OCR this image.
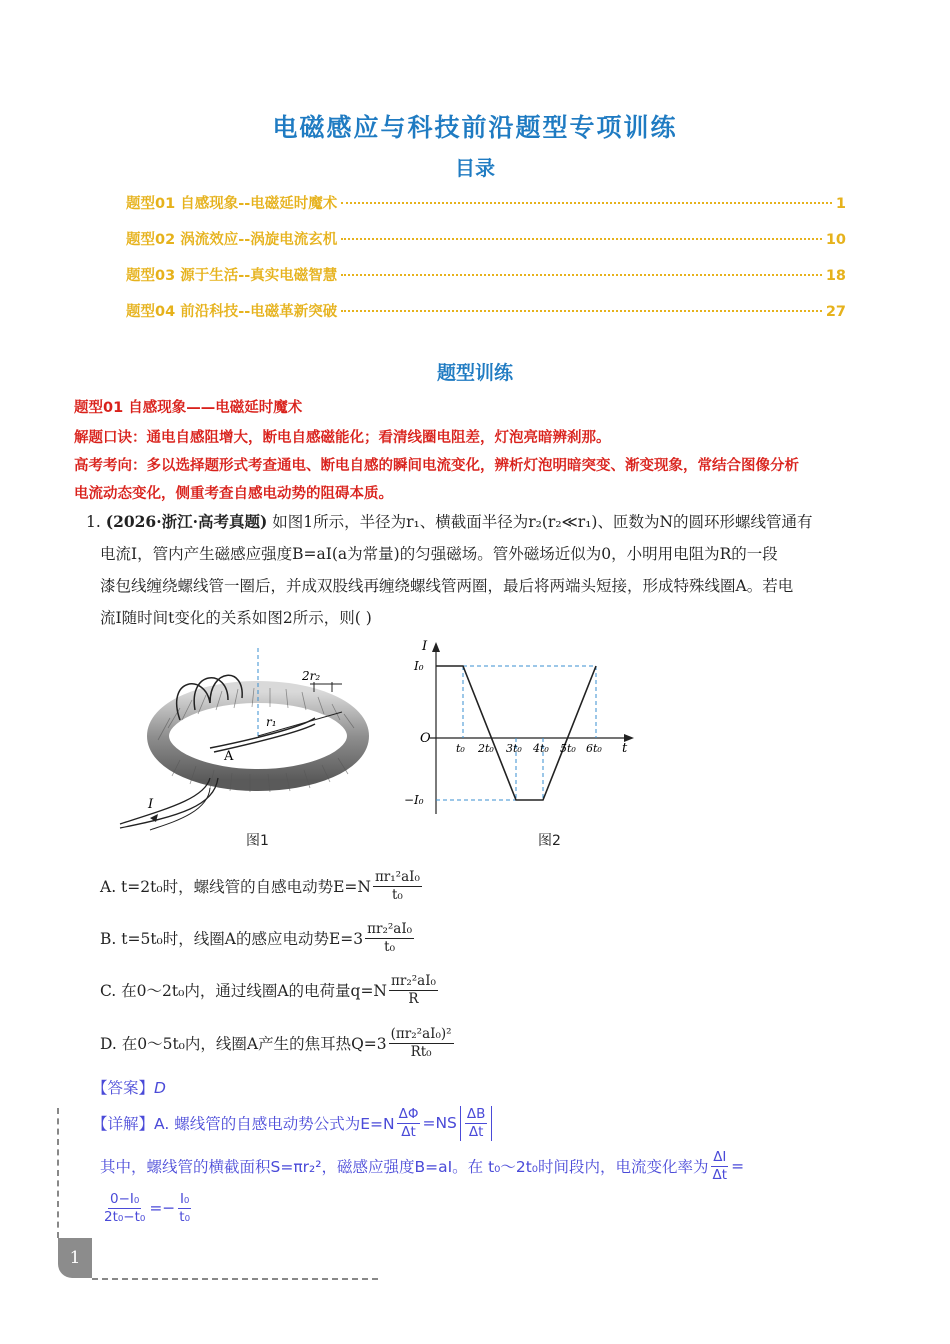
电磁感应与科技前沿题型专项训练
目录
题型01 自感现象--电磁延时魔术	1
题型02 涡流效应--涡旋电流玄机	10
题型03 源于生活--真实电磁智慧	18
题型04 前沿科技--电磁革新突破	27
题型训练
题型01 自感现象——电磁延时魔术
解题口诀：通电自感阻增大，断电自感磁能化；看清线圈电阻差，灯泡亮暗辨刹那。
高考考向：多以选择题形式考查通电、断电自感的瞬间电流变化，辨析灯泡明暗突变、渐变现象，常结合图像分析
电流动态变化，侧重考查自感电动势的阻碍本质。
1. (2026·浙江·高考真题) 如图1所示，半径为r₁、横截面半径为r₂(r₂≪r₁)、匝数为N的圆环形螺线管通有
电流I，管内产生磁感应强度B=aI(a为常量)的匀强磁场。管外磁场近似为0，小明用电阻为R的一段
漆包线缠绕螺线管一圈后，并成双股线再缠绕螺线管两圈，最后将两端头短接，形成特殊线圈A。若电
流I随时间t变化的关系如图2所示，则( )
r₁
2r₂
A
I
图1
I
t
O
I₀
−I₀
t₀ 2t₀ 3t₀ 4t₀ 5t₀ 6t₀
图2
A. t=2t₀时，螺线管的自感电动势$E=N \frac{\text{πr₁²aI₀}}{\text{t₀}}$
B. t=5t₀时，线圈A的感应电动势$E=3 \frac{\text{πr₂²aI₀}}{\text{t₀}}$
C. 在0～2t₀内，通过线圈A的电荷量$q=N \frac{\text{πr₂²aI₀}}{R}$
D. 在0～5t₀内，线圈A产生的焦耳热$Q=3 \frac{\text{(πr₂²aI₀)²}}{\text{Rt₀}}$
【答案】D
【详解】 A. 螺线管的自感电动势公式为$E=N \frac{\Delta\Phi}{\Delta t} =NS \frac{\Delta B}{\Delta t}$
其中，螺线管的横截面积S=πr₂²，磁感应强度B=aI。在 t₀～2t₀时间段内，电流变化率为 $\frac{\Delta I}{\Delta t}$ =
$\frac{\text{0−I₀}}{\text{2t₀−t₀}} =- \frac{\text{I₀}}{\text{t₀}}$
1
